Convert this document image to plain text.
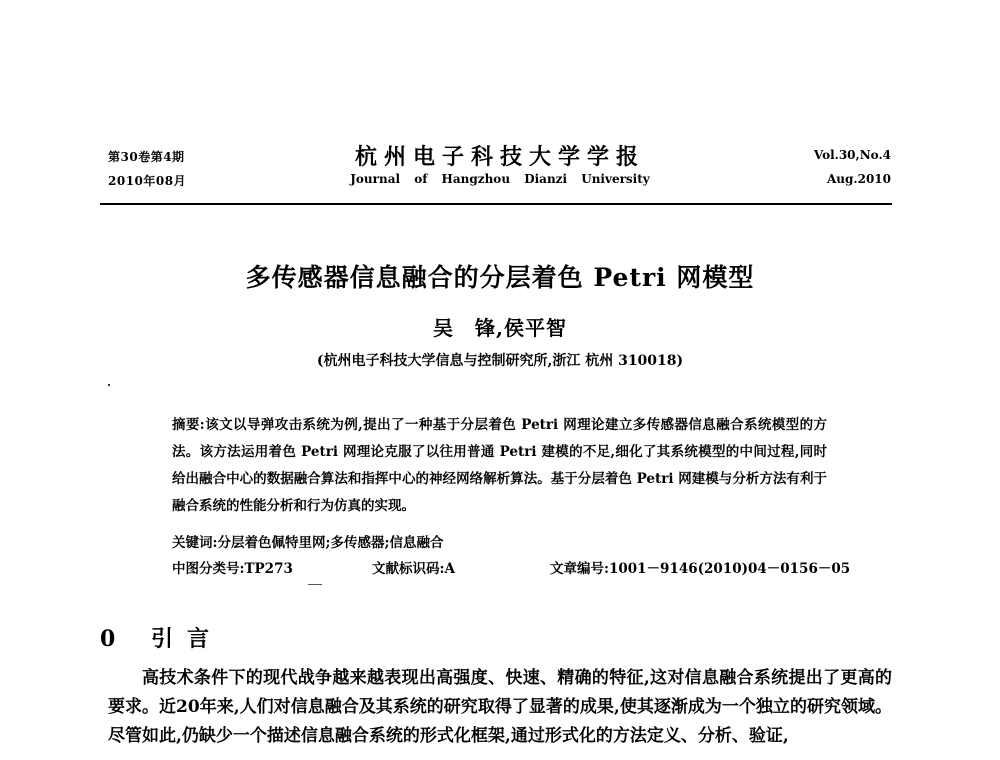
第30卷第4期
2010年08月
杭州电子科技大学学报
Journal of Hangzhou Dianzi University
Vol.30,No.4
Aug.2010
多传感器信息融合的分层着色 Petri 网模型
吴　锋,侯平智
(杭州电子科技大学信息与控制研究所,浙江 杭州 310018)

摘要:该文以导弹攻击系统为例,提出了一种基于分层着色 Petri 网理论建立多传感器信息融合系统模型的方法。该方法运用着色 Petri 网理论克服了以往用普通 Petri 建模的不足,细化了其系统模型的中间过程,同时给出融合中心的数据融合算法和指挥中心的神经网络解析算法。基于分层着色 Petri 网建模与分析方法有利于融合系统的性能分析和行为仿真的实现。

关键词:分层着色佩特里网;多传感器;信息融合
中图分类号:TP273	文献标识码:A	文章编号:1001－9146(2010)04－0156－05
0 引言

高技术条件下的现代战争越来越表现出高强度、快速、精确的特征,这对信息融合系统提出了更高的要求。近20年来,人们对信息融合及其系统的研究取得了显著的成果,使其逐渐成为一个独立的研究领域。尽管如此,仍缺少一个描述信息融合系统的形式化框架,通过形式化的方法定义、分析、验证,
